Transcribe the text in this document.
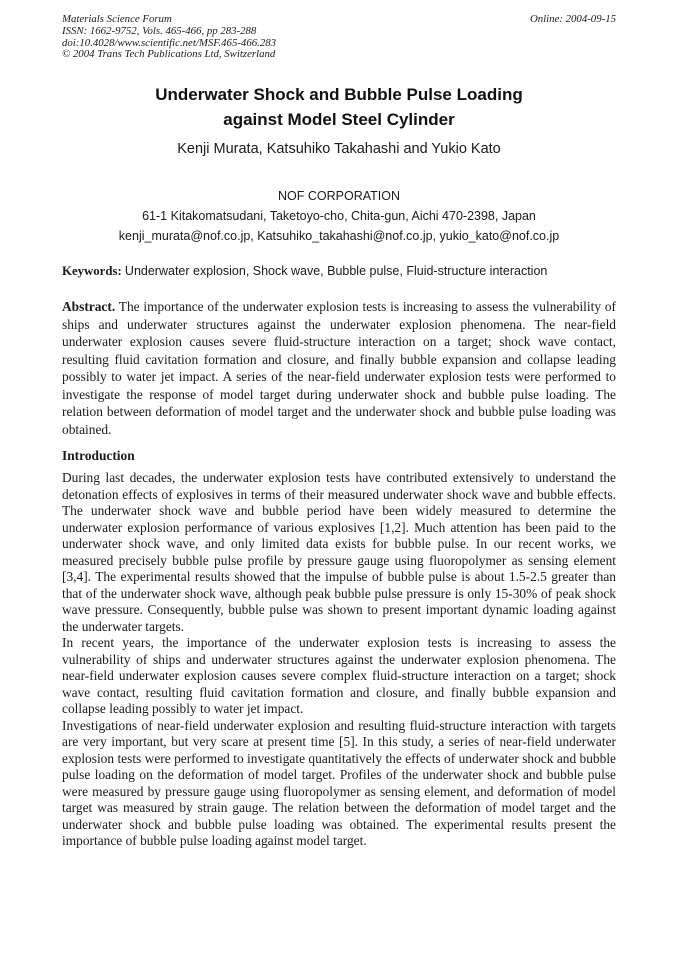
Materials Science Forum
ISSN: 1662-9752, Vols. 465-466, pp 283-288
doi:10.4028/www.scientific.net/MSF.465-466.283
© 2004 Trans Tech Publications Ltd, Switzerland
Online: 2004-09-15
Underwater Shock and Bubble Pulse Loading
against Model Steel Cylinder
Kenji Murata, Katsuhiko Takahashi and Yukio Kato
NOF CORPORATION
61-1 Kitakomatsudani, Taketoyo-cho, Chita-gun, Aichi 470-2398, Japan
kenji_murata@nof.co.jp, Katsuhiko_takahashi@nof.co.jp, yukio_kato@nof.co.jp
Keywords: Underwater explosion, Shock wave, Bubble pulse, Fluid-structure interaction
Abstract. The importance of the underwater explosion tests is increasing to assess the vulnerability of ships and underwater structures against the underwater explosion phenomena. The near-field underwater explosion causes severe fluid-structure interaction on a target; shock wave contact, resulting fluid cavitation formation and closure, and finally bubble expansion and collapse leading possibly to water jet impact. A series of the near-field underwater explosion tests were performed to investigate the response of model target during underwater shock and bubble pulse loading. The relation between deformation of model target and the underwater shock and bubble pulse loading was obtained.
Introduction

During last decades, the underwater explosion tests have contributed extensively to understand the detonation effects of explosives in terms of their measured underwater shock wave and bubble effects. The underwater shock wave and bubble period have been widely measured to determine the underwater explosion performance of various explosives [1,2]. Much attention has been paid to the underwater shock wave, and only limited data exists for bubble pulse. In our recent works, we measured precisely bubble pulse profile by pressure gauge using fluoropolymer as sensing element [3,4]. The experimental results showed that the impulse of bubble pulse is about 1.5-2.5 greater than that of the underwater shock wave, although peak bubble pulse pressure is only 15-30% of peak shock wave pressure. Consequently, bubble pulse was shown to present important dynamic loading against the underwater targets.

In recent years, the importance of the underwater explosion tests is increasing to assess the vulnerability of ships and underwater structures against the underwater explosion phenomena. The near-field underwater explosion causes severe complex fluid-structure interaction on a target; shock wave contact, resulting fluid cavitation formation and closure, and finally bubble expansion and collapse leading possibly to water jet impact.

Investigations of near-field underwater explosion and resulting fluid-structure interaction with targets are very important, but very scare at present time [5]. In this study, a series of near-field underwater explosion tests were performed to investigate quantitatively the effects of underwater shock and bubble pulse loading on the deformation of model target. Profiles of the underwater shock and bubble pulse were measured by pressure gauge using fluoropolymer as sensing element, and deformation of model target was measured by strain gauge. The relation between the deformation of model target and the underwater shock and bubble pulse loading was obtained. The experimental results present the importance of bubble pulse loading against model target.
